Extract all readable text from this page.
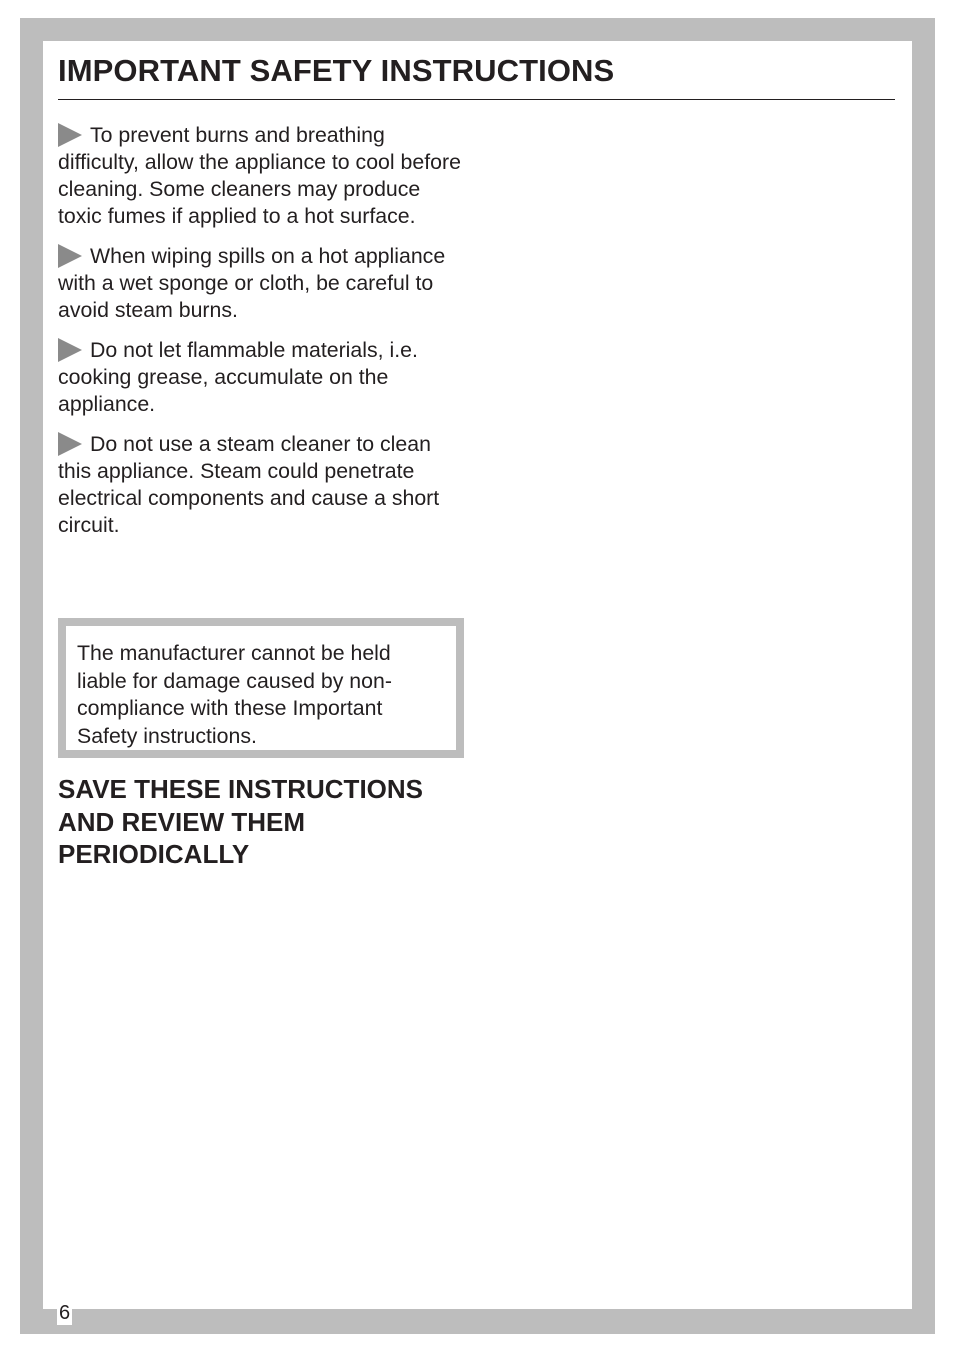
IMPORTANT SAFETY INSTRUCTIONS

To prevent burns and breathing difficulty, allow the appliance to cool before cleaning. Some cleaners may produce toxic fumes if applied to a hot surface.

When wiping spills on a hot appliance with a wet sponge or cloth, be careful to avoid steam burns.

Do not let flammable materials, i.e. cooking grease, accumulate on the appliance.

Do not use a steam cleaner to clean this appliance. Steam could penetrate electrical components and cause a short circuit.

The manufacturer cannot be held liable for damage caused by non-compliance with these Important Safety instructions.

SAVE THESE INSTRUCTIONS AND REVIEW THEM PERIODICALLY
6
